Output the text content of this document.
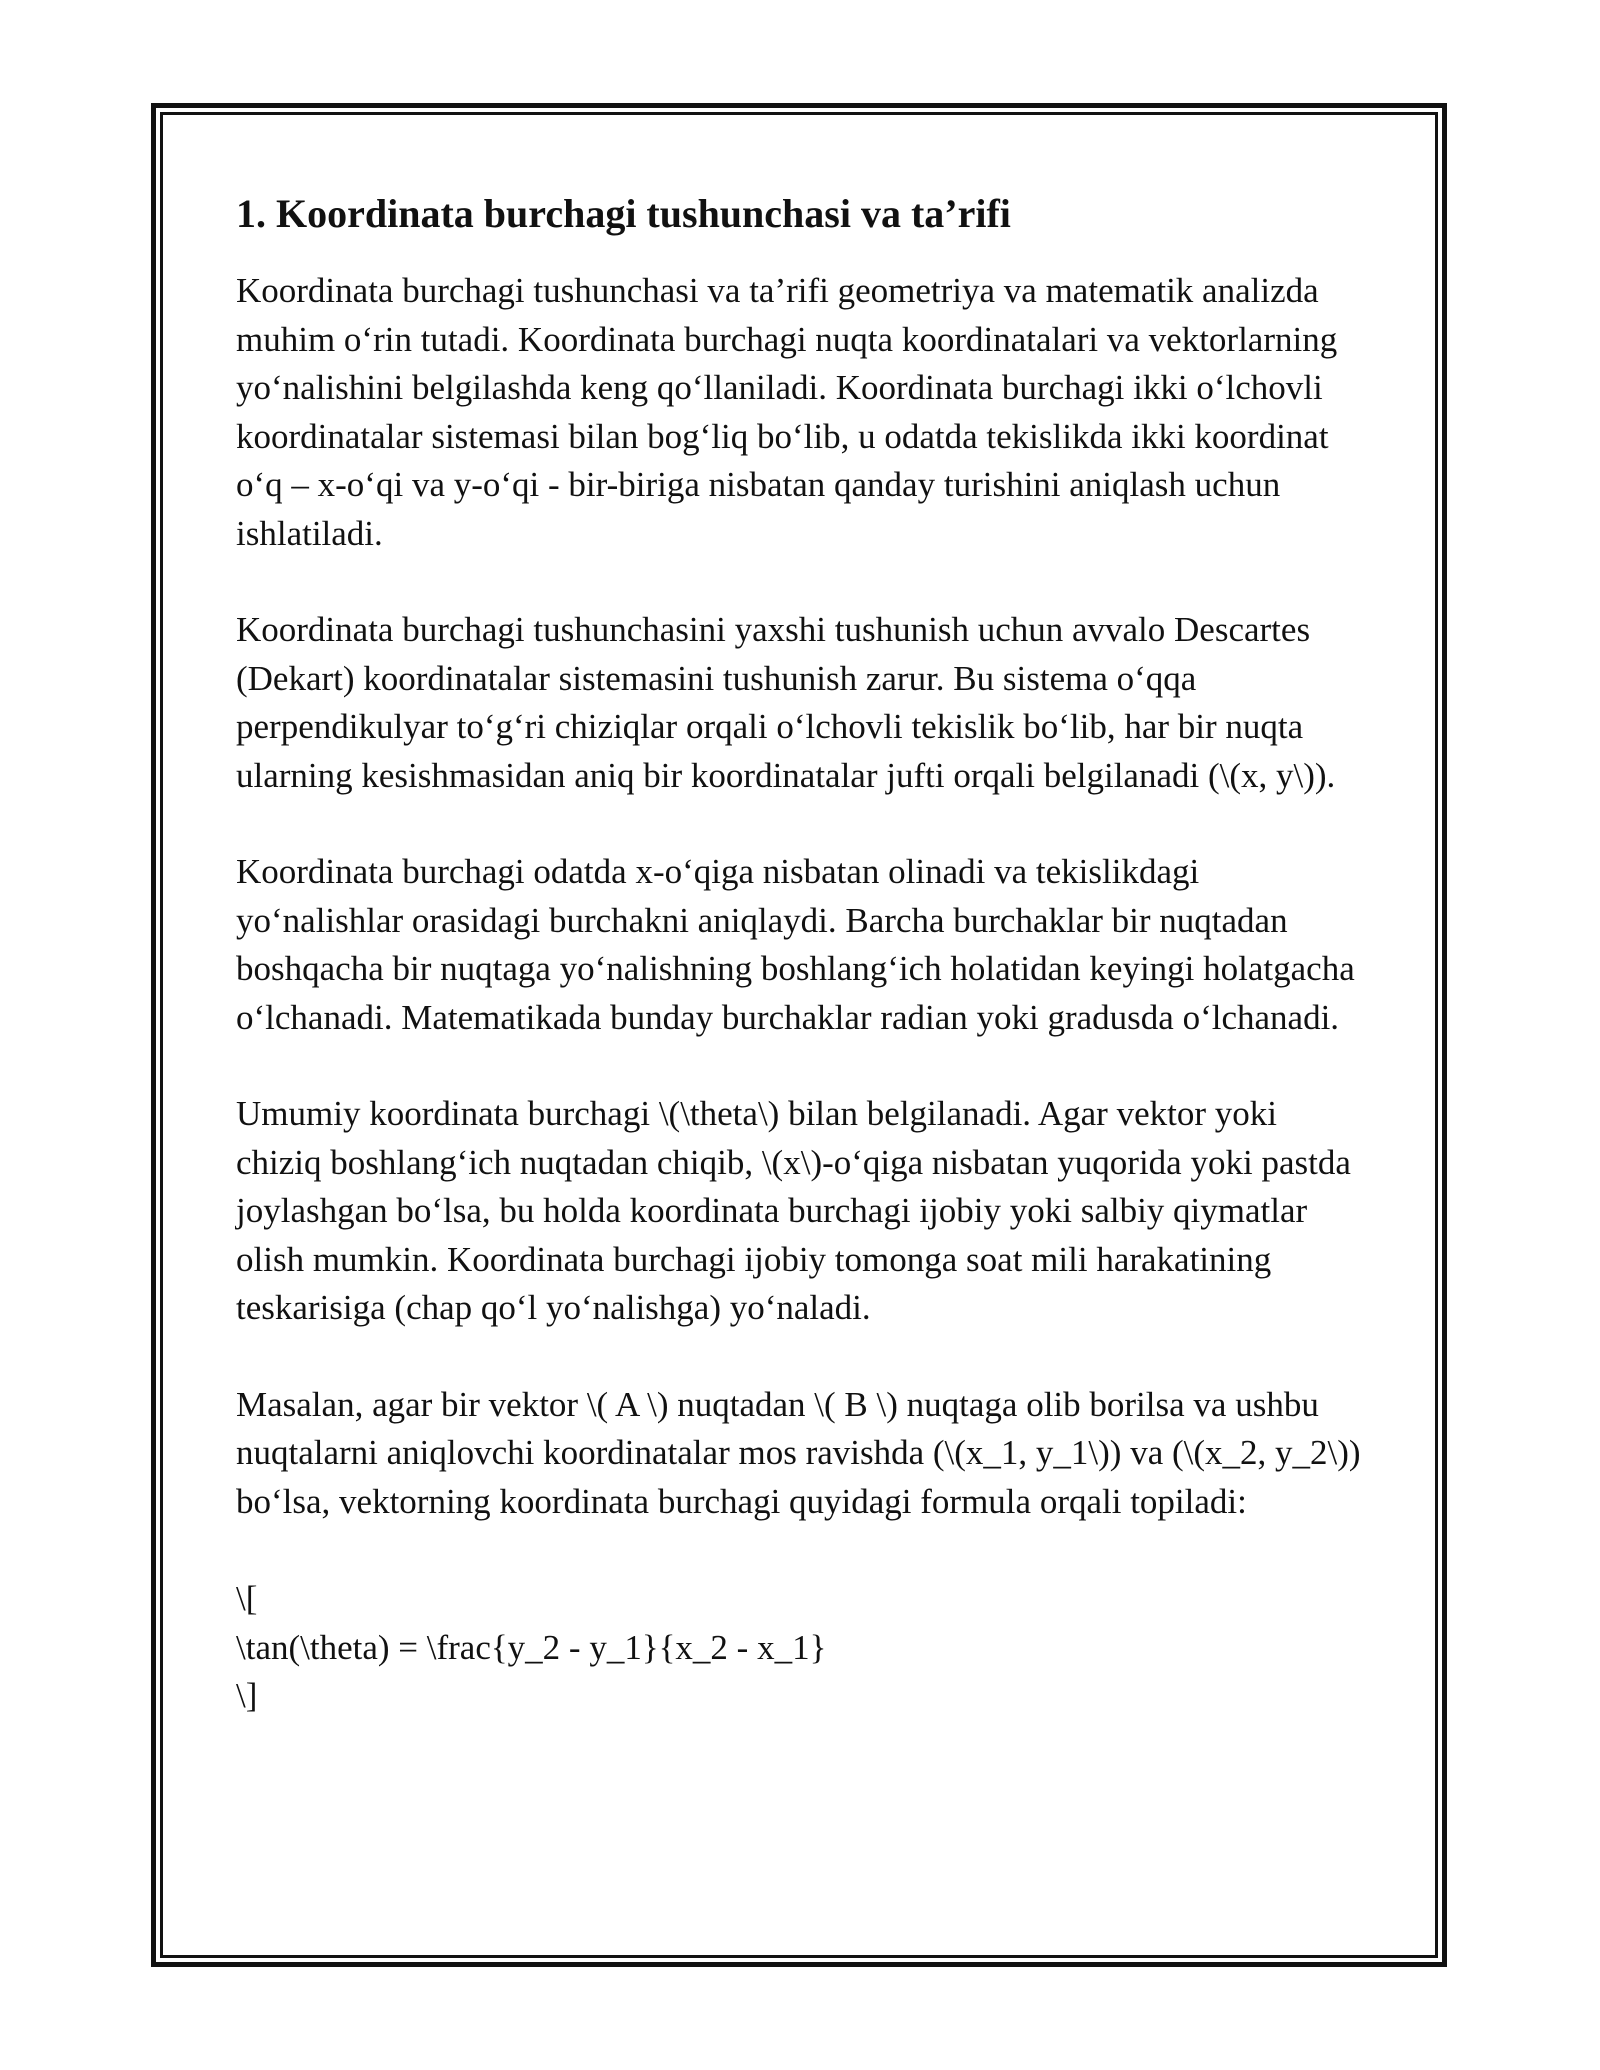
1. Koordinata burchagi tushunchasi va ta’rifi

Koordinata burchagi tushunchasi va ta’rifi geometriya va matematik analizda muhim oʻrin tutadi. Koordinata burchagi nuqta koordinatalari va vektorlarning yoʻnalishini belgilashda keng qoʻllaniladi. Koordinata burchagi ikki oʻlchovli koordinatalar sistemasi bilan bogʻliq boʻlib, u odatda tekislikda ikki koordinat oʻq – x-oʻqi va y-oʻqi - bir-biriga nisbatan qanday turishini aniqlash uchun ishlatiladi.

Koordinata burchagi tushunchasini yaxshi tushunish uchun avvalo Descartes (Dekart) koordinatalar sistemasini tushunish zarur. Bu sistema oʻqqa perpendikulyar toʻgʻri chiziqlar orqali oʻlchovli tekislik boʻlib, har bir nuqta ularning kesishmasidan aniq bir koordinatalar jufti orqali belgilanadi (\(x, y\)).

Koordinata burchagi odatda x-oʻqiga nisbatan olinadi va tekislikdagi yoʻnalishlar orasidagi burchakni aniqlaydi. Barcha burchaklar bir nuqtadan boshqacha bir nuqtaga yoʻnalishning boshlangʻich holatidan keyingi holatgacha oʻlchanadi. Matematikada bunday burchaklar radian yoki gradusda oʻlchanadi.

Umumiy koordinata burchagi \(\theta\) bilan belgilanadi. Agar vektor yoki chiziq boshlangʻich nuqtadan chiqib, \(x\)-oʻqiga nisbatan yuqorida yoki pastda joylashgan boʻlsa, bu holda koordinata burchagi ijobiy yoki salbiy qiymatlar olish mumkin. Koordinata burchagi ijobiy tomonga soat mili harakatining teskarisiga (chap qoʻl yoʻnalishga) yoʻnaladi.

Masalan, agar bir vektor \( A \) nuqtadan \( B \) nuqtaga olib borilsa va ushbu nuqtalarni aniqlovchi koordinatalar mos ravishda (\(x_1, y_1\)) va (\(x_2, y_2\)) boʻlsa, vektorning koordinata burchagi quyidagi formula orqali topiladi:

\[
\tan(\theta) = \frac{y_2 - y_1}{x_2 - x_1}
\]
